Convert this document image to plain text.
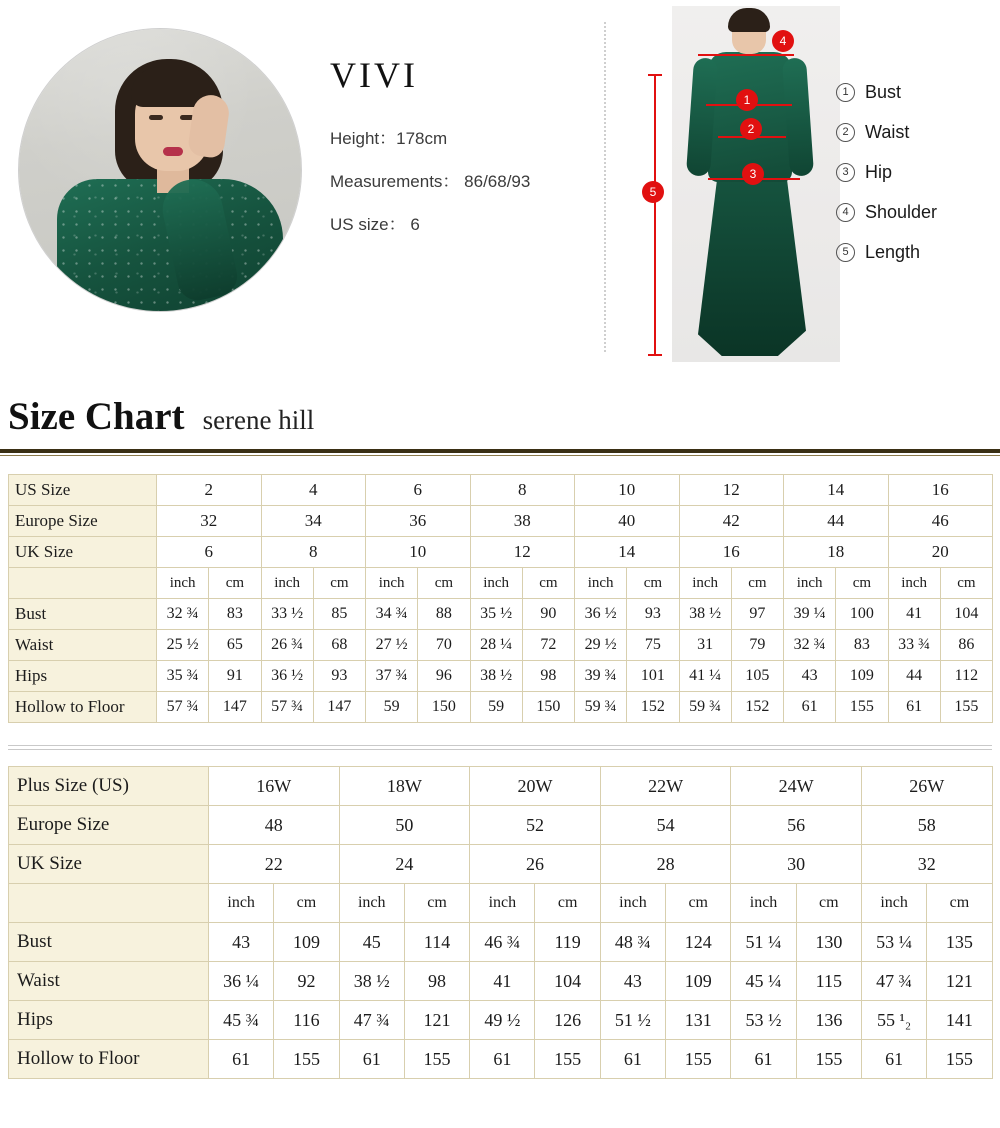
VIVI
Height：178cm
Measurements： 86/68/93
US size： 6
4
1
2
3
5
1 Bust
2 Waist
3 Hip
4 Shoulder
5 Length
Size Chart serene hill
US Size	2		4		6		8		10		12		14		16	
Europe Size	32		34		36		38		40		42		44		46	
UK Size	6		8		10		12		14		16		18		20	
	inch	cm	inch	cm	inch	cm	inch	cm	inch	cm	inch	cm	inch	cm	inch	cm
Bust	32 ¾	83	33 ½	85	34 ¾	88	35 ½	90	36 ½	93	38 ½	97	39 ¼	100	41	104
Waist	25 ½	65	26 ¾	68	27 ½	70	28 ¼	72	29 ½	75	31	79	32 ¾	83	33 ¾	86
Hips	35 ¾	91	36 ½	93	37 ¾	96	38 ½	98	39 ¾	101	41 ¼	105	43	109	44	112
Hollow to Floor	57 ¾	147	57 ¾	147	59	150	59	150	59 ¾	152	59 ¾	152	61	155	61	155
Plus Size (US)	16W		18W		20W		22W		24W		26W	
Europe Size	48		50		52		54		56		58	
UK Size	22		24		26		28		30		32	
	inch	cm	inch	cm	inch	cm	inch	cm	inch	cm	inch	cm
Bust	43	109	45	114	46 ¾	119	48 ¾	124	51 ¼	130	53 ¼	135
Waist	36 ¼	92	38 ½	98	41	104	43	109	45 ¼	115	47 ¾	121
Hips	45 ¾	116	47 ¾	121	49 ½	126	51 ½	131	53 ½	136	55 ¹₂	141
Hollow to Floor	61	155	61	155	61	155	61	155	61	155	61	155
